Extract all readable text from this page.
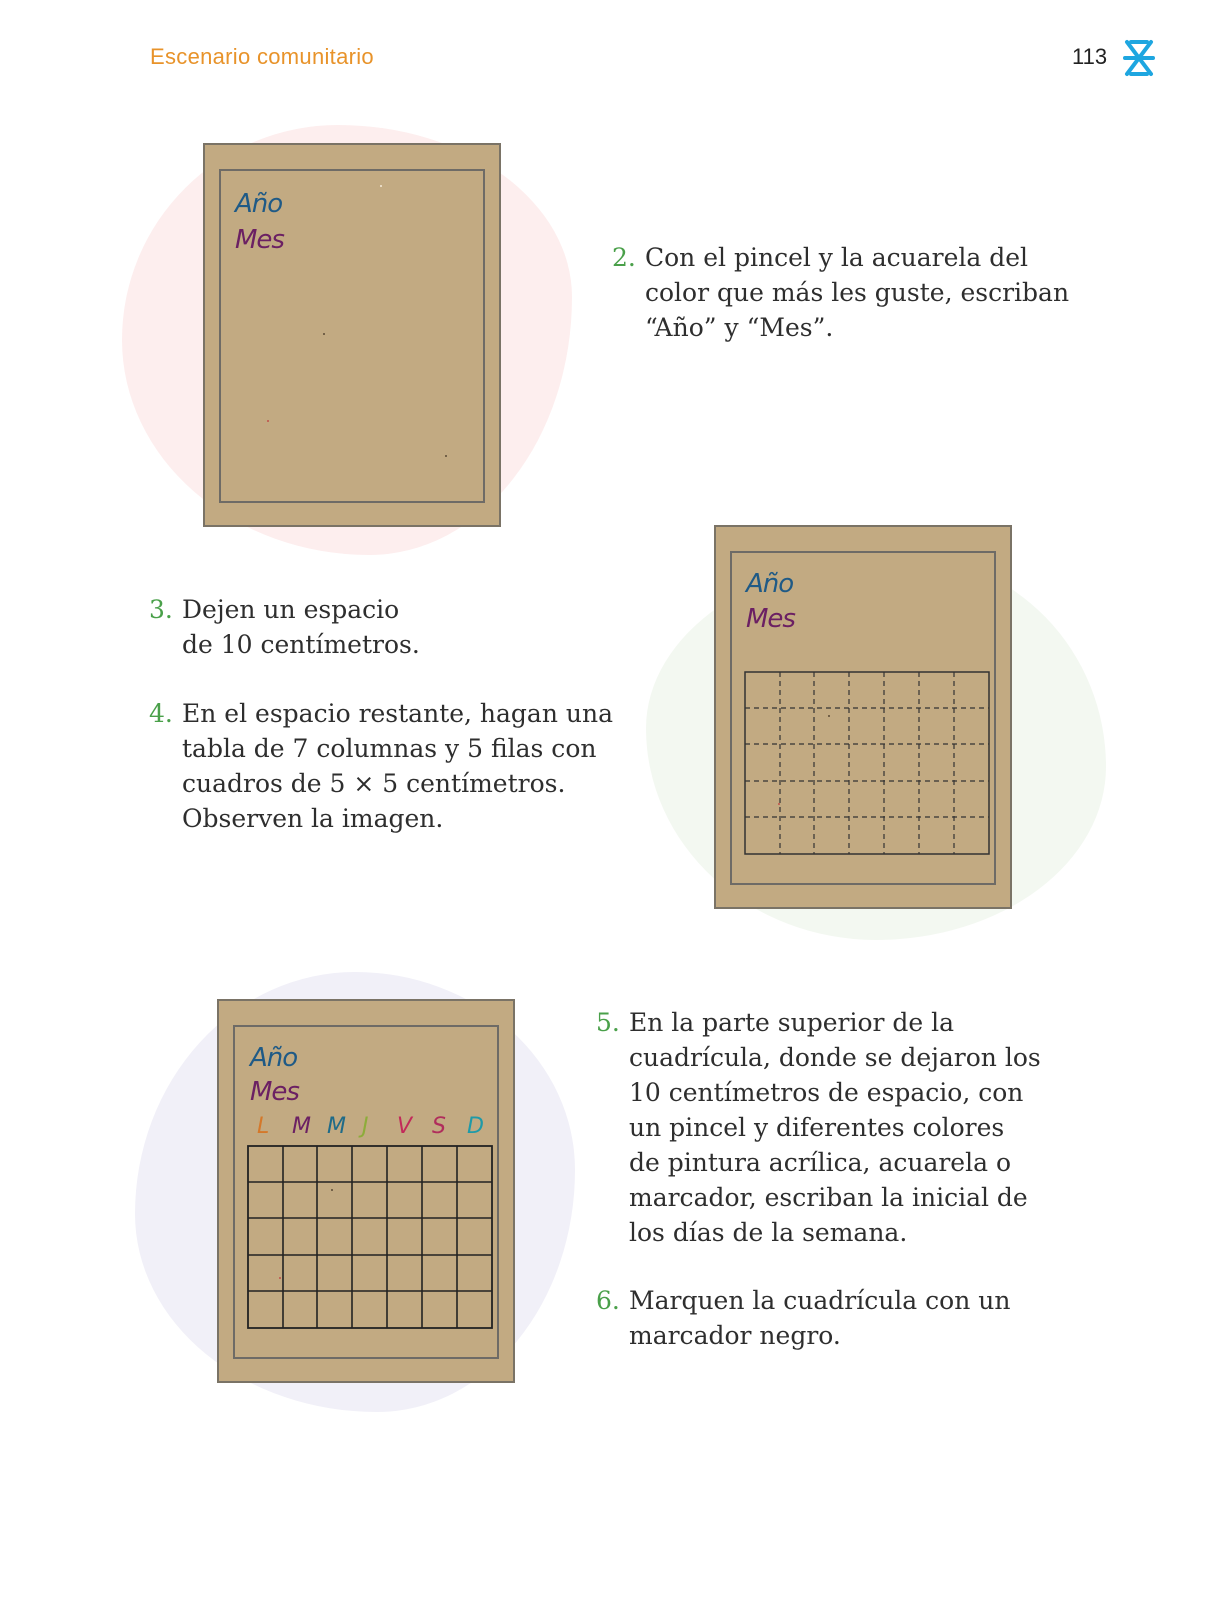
Escenario comunitario	113
Año
Mes
Año
Mes
Año
Mes
L M M J V S D
2. Con el pincel y la acuarela del
color que más les guste, escriban
“Año” y “Mes”.
3. Dejen un espacio
de 10 centímetros.
4. En el espacio restante, hagan una
tabla de 7 columnas y 5 filas con
cuadros de 5 × 5 centímetros.
Observen la imagen.
5. En la parte superior de la
cuadrícula, donde se dejaron los
10 centímetros de espacio, con
un pincel y diferentes colores
de pintura acrílica, acuarela o
marcador, escriban la inicial de
los días de la semana.
6. Marquen la cuadrícula con un
marcador negro.
